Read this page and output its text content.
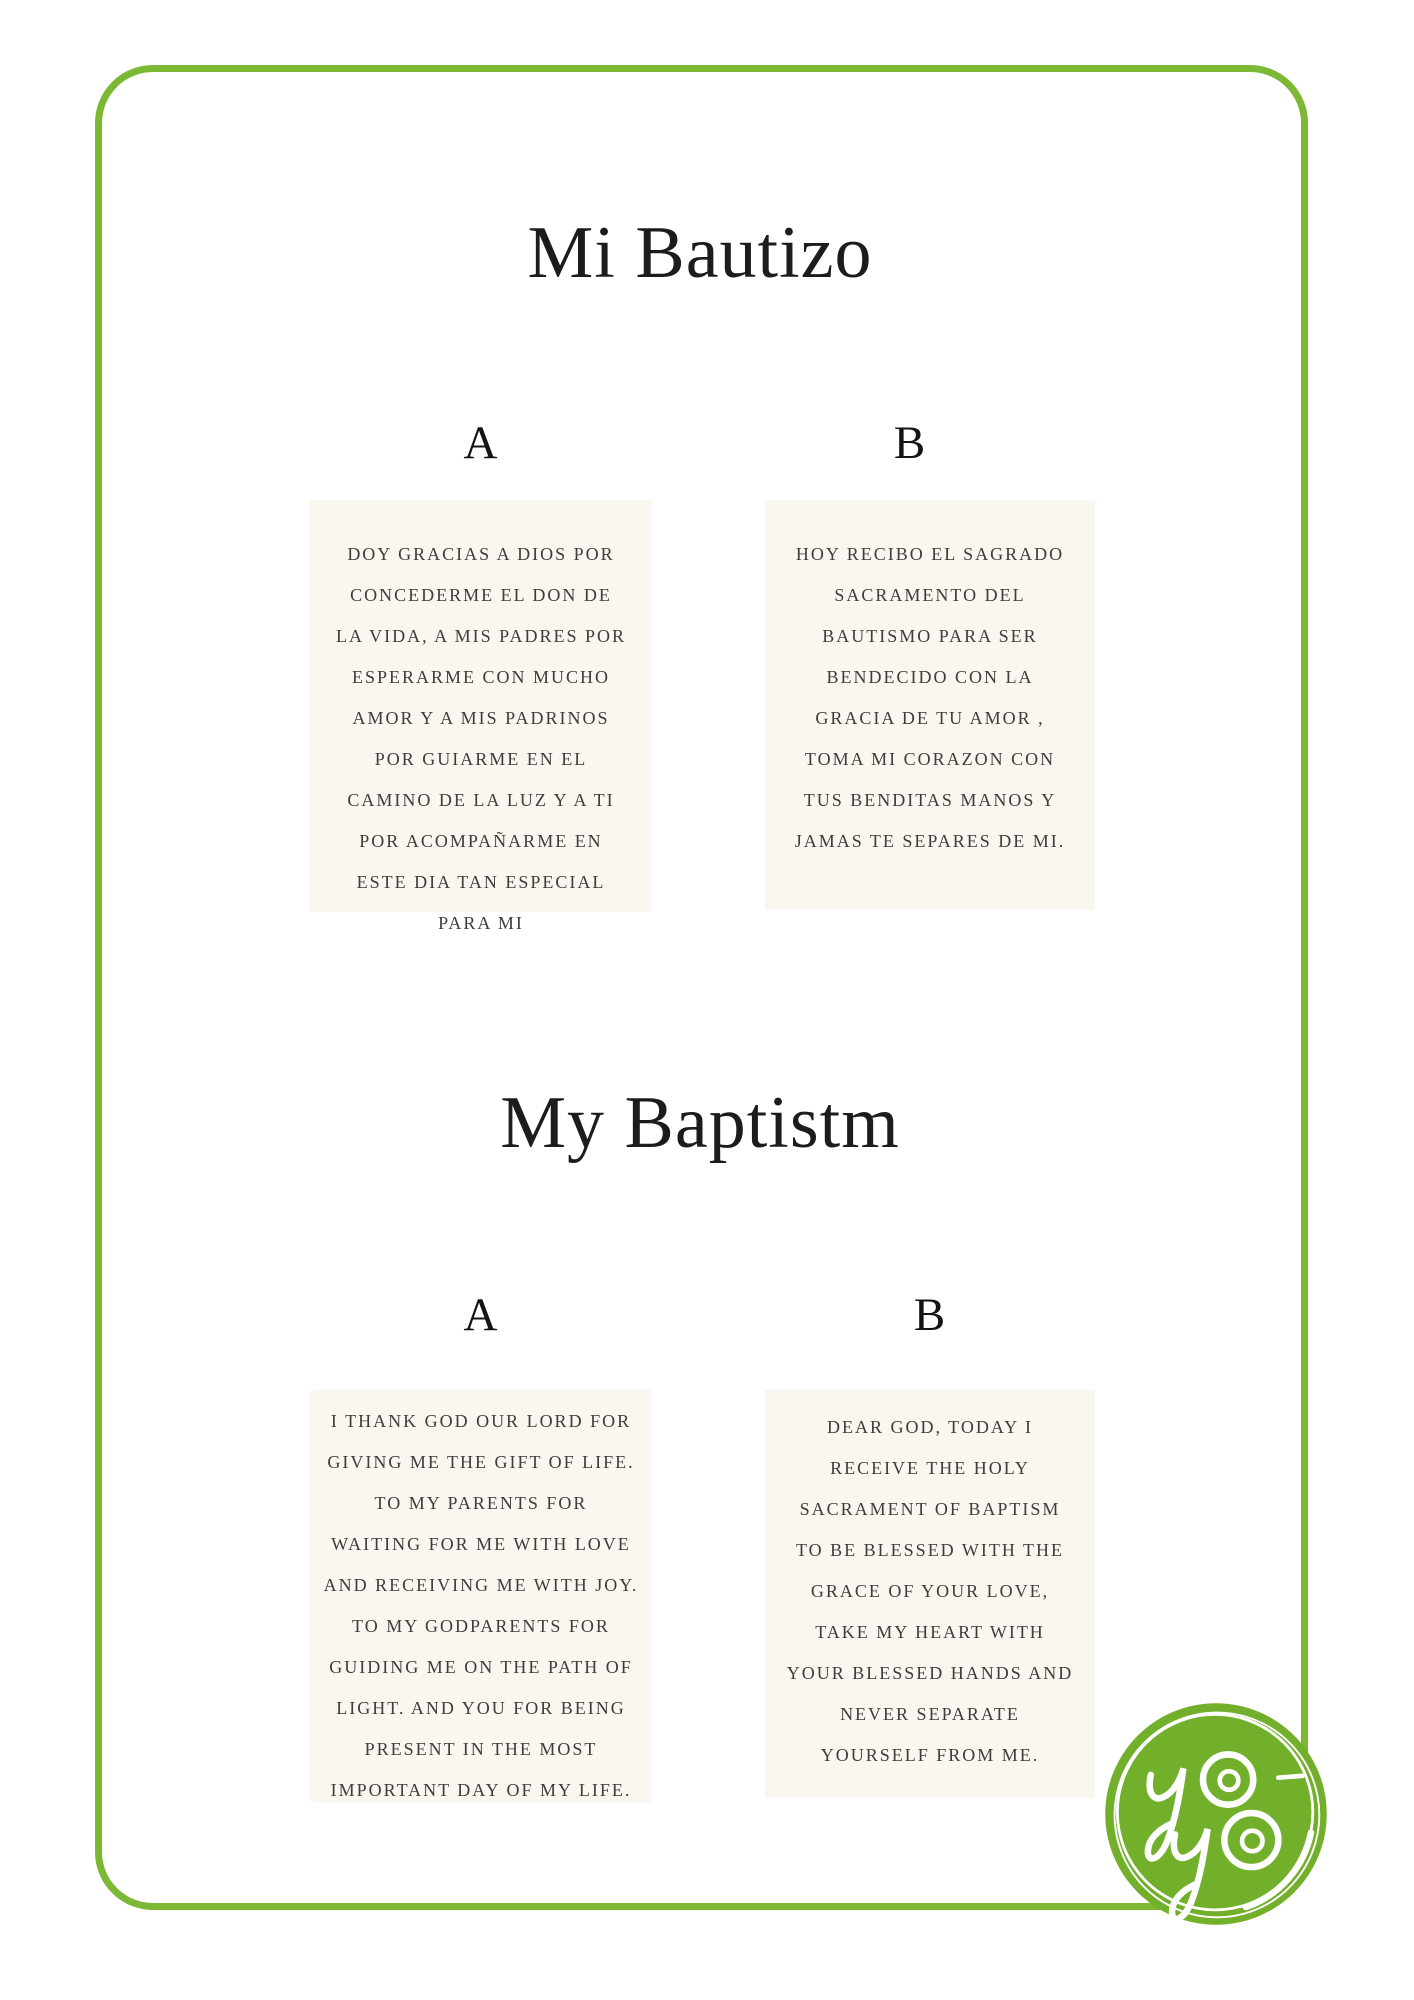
Mi Bautizo
A	B
DOY GRACIAS A DIOS POR
CONCEDERME EL DON DE
LA VIDA, A MIS PADRES POR
ESPERARME CON MUCHO
AMOR Y A MIS PADRINOS
POR GUIARME EN EL
CAMINO DE LA LUZ Y A TI
POR ACOMPAÑARME EN
ESTE DIA TAN ESPECIAL
PARA MI
HOY RECIBO EL SAGRADO
SACRAMENTO DEL
BAUTISMO PARA SER
BENDECIDO CON LA
GRACIA DE TU AMOR ,
TOMA MI CORAZON CON
TUS BENDITAS MANOS Y
JAMAS TE SEPARES DE MI.
My Baptistm
A	B
I THANK GOD OUR LORD FOR
GIVING ME THE GIFT OF LIFE.
TO MY PARENTS FOR
WAITING FOR ME WITH LOVE
AND RECEIVING ME WITH JOY.
TO MY GODPARENTS FOR
GUIDING ME ON THE PATH OF
LIGHT. AND YOU FOR BEING
PRESENT IN THE MOST
IMPORTANT DAY OF MY LIFE.
DEAR GOD, TODAY I
RECEIVE THE HOLY
SACRAMENT OF BAPTISM
TO BE BLESSED WITH THE
GRACE OF YOUR LOVE,
TAKE MY HEART WITH
YOUR BLESSED HANDS AND
NEVER SEPARATE
YOURSELF FROM ME.
